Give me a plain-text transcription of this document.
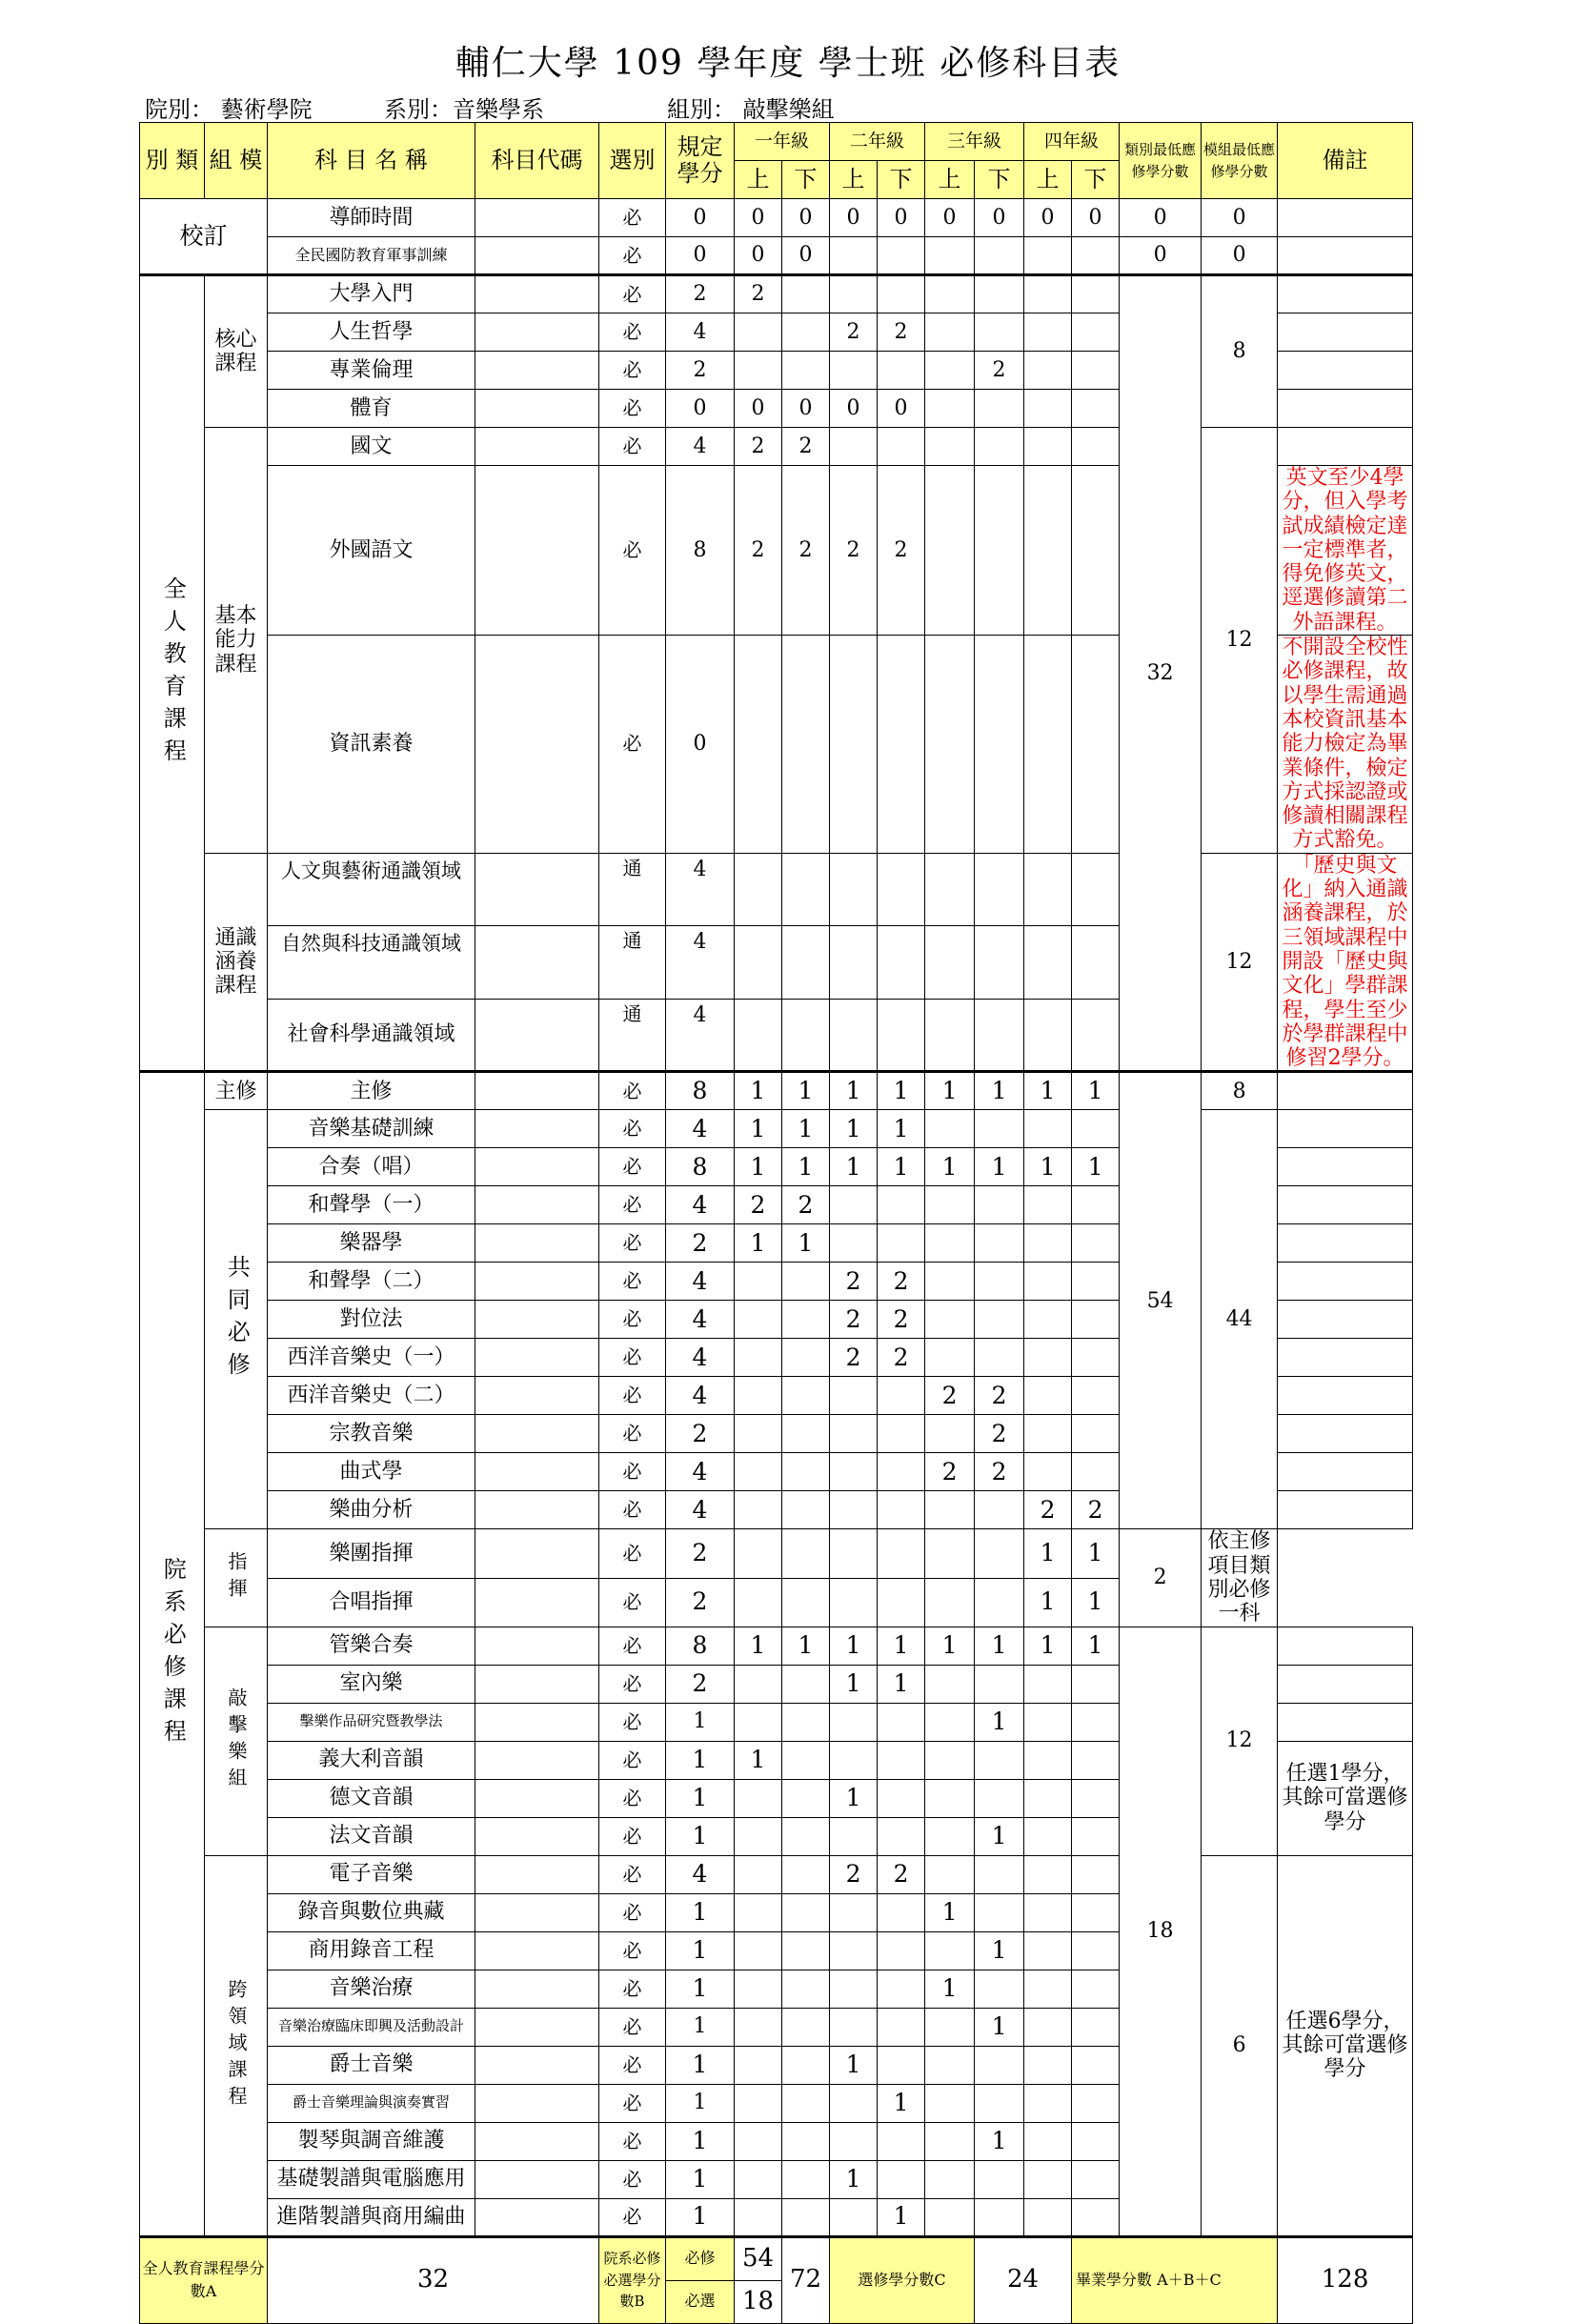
輔仁大學 109 學年度 學士班 必修科目表
院別： 藝術學院	系別：音樂學系	組別： 敲擊樂組
別 類	組 模	科 目 名 稱	科目代碼	選別	規定學分	一年級		二年級		三年級		四年級		類別最低應修學分數	模組最低應修學分數	備註
						上	下	上	下	上	下	上	下			
校訂		導師時間		必	0	0	0	0	0	0	0	0	0	0	0	
		全民國防教育軍事訓練		必	0	0	0							0	0	

全人教育課程	核心課程	大學入門		必	2	2								32	8	
		人生哲學		必	4			2	2							
		專業倫理		必	2						2					
		體育		必	0	0	0	0	0							
	基本能力課程	國文		必	4	2	2								12	
		外國語文		必	8	2	2	2	2							英文至少4學分，但入學考試成績檢定達一定標準者，得免修英文，逕選修讀第二外語課程。
		資訊素養		必	0											不開設全校性必修課程，故以學生需通過本校資訊基本能力檢定為畢業條件，檢定方式採認證或修讀相關課程方式豁免。
	通識涵養課程	人文與藝術通識領域		通	4										12	「歷史與文化」納入通識涵養課程，於三領域課程中開設「歷史與文化」學群課程，學生至少於學群課程中修習2學分。
		自然與科技通識領域		通	4											
		社會科學通識領域		通	4											

院系必修課程	主修	主修		必	8	1	1	1	1	1	1	1	1	54	8	

	共同必修	音樂基礎訓練		必	4	1	1	1	1						44	
		合奏（唱）		必	8	1	1	1	1	1	1	1	1			
		和聲學（一）		必	4	2	2									
		樂器學		必	2	1	1									
		和聲學（二）		必	4			2	2							
		對位法		必	4			2	2							
		西洋音樂史（一）		必	4			2	2							
		西洋音樂史（二）		必	4					2	2					
		宗教音樂		必	2						2					
		曲式學		必	4					2	2					
		樂曲分析		必	4							2	2			

	指揮	樂團指揮		必	2							1	1	2	依主修項目類別必修一科	
		合唱指揮		必	2							1	1			

	敲擊樂組	管樂合奏		必	8	1	1	1	1	1	1	1	1	18	12	
		室內樂		必	2			1	1							
		擊樂作品研究暨教學法		必	1						1					
		義大利音韻		必	1	1										任選1學分，其餘可當選修學分
		德文音韻		必	1			1								
		法文音韻		必	1						1					

	跨領域課程	電子音樂		必	4			2	2						6	任選6學分，其餘可當選修學分
		錄音與數位典藏		必	1					1						
		商用錄音工程		必	1						1					
		音樂治療		必	1					1						
		音樂治療臨床即興及活動設計		必	1						1					
		爵士音樂		必	1			1								
		爵士音樂理論與演奏實習		必	1				1							
		製琴與調音維護		必	1						1					
		基礎製譜與電腦應用		必	1			1								
		進階製譜與商用編曲		必	1				1							
全人教育課程學分數A		32		院系必修必選學分數B	必修	54	72	選修學分數C			24		畢業學分數 A＋B＋C			128
					必選	18										
